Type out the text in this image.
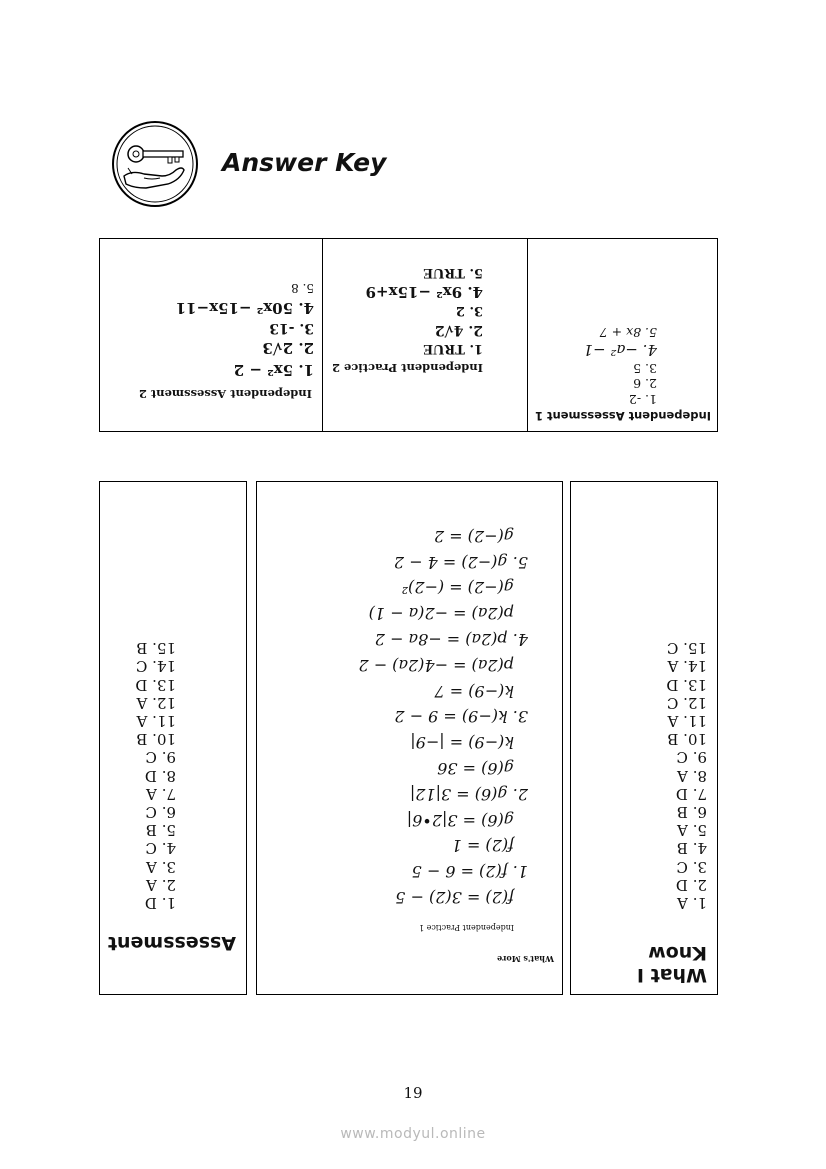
Answer Key
Independent Assessment 1
1. -2
2. 6
3. 5
4. −a² −1
5. 8x + 7
Independent Practice 2
1. TRUE
2. 4√2
3. 2
4. 9x² −15x+9
5. TRUE
Independent Assessment 2
1. 5x² − 2
2. 2√3
3. -13
4. 50x² −15x−11
5. 8
What I
Know
1. A
2. D
3. C
4. B
5. A
6. B
7. D
8. A
9. C
10. B
11. A
12. C
13. D
14. A
15. C
What's More
Independent Practice 1
f(2) = 3(2) − 5
1. f(2) = 6 − 5
f(2) = 1
g(6) = 3|2•6|
2. g(6) = 3|12|
g(6) = 36
k(−9) = |−9|
3. k(−9) = 9 − 2
k(−9) = 7
p(2a) = −4(2a) − 2
4. p(2a) = −8a − 2
p(2a) = −2(a − 1)
g(−2) = (−2)²
5. g(−2) = 4 − 2
g(−2) = 2
Assessment
1. D
2. A
3. A
4. C
5. B
6. C
7. A
8. D
9. C
10. B
11. A
12. A
13. D
14. C
15. B
19
www.modyul.online
